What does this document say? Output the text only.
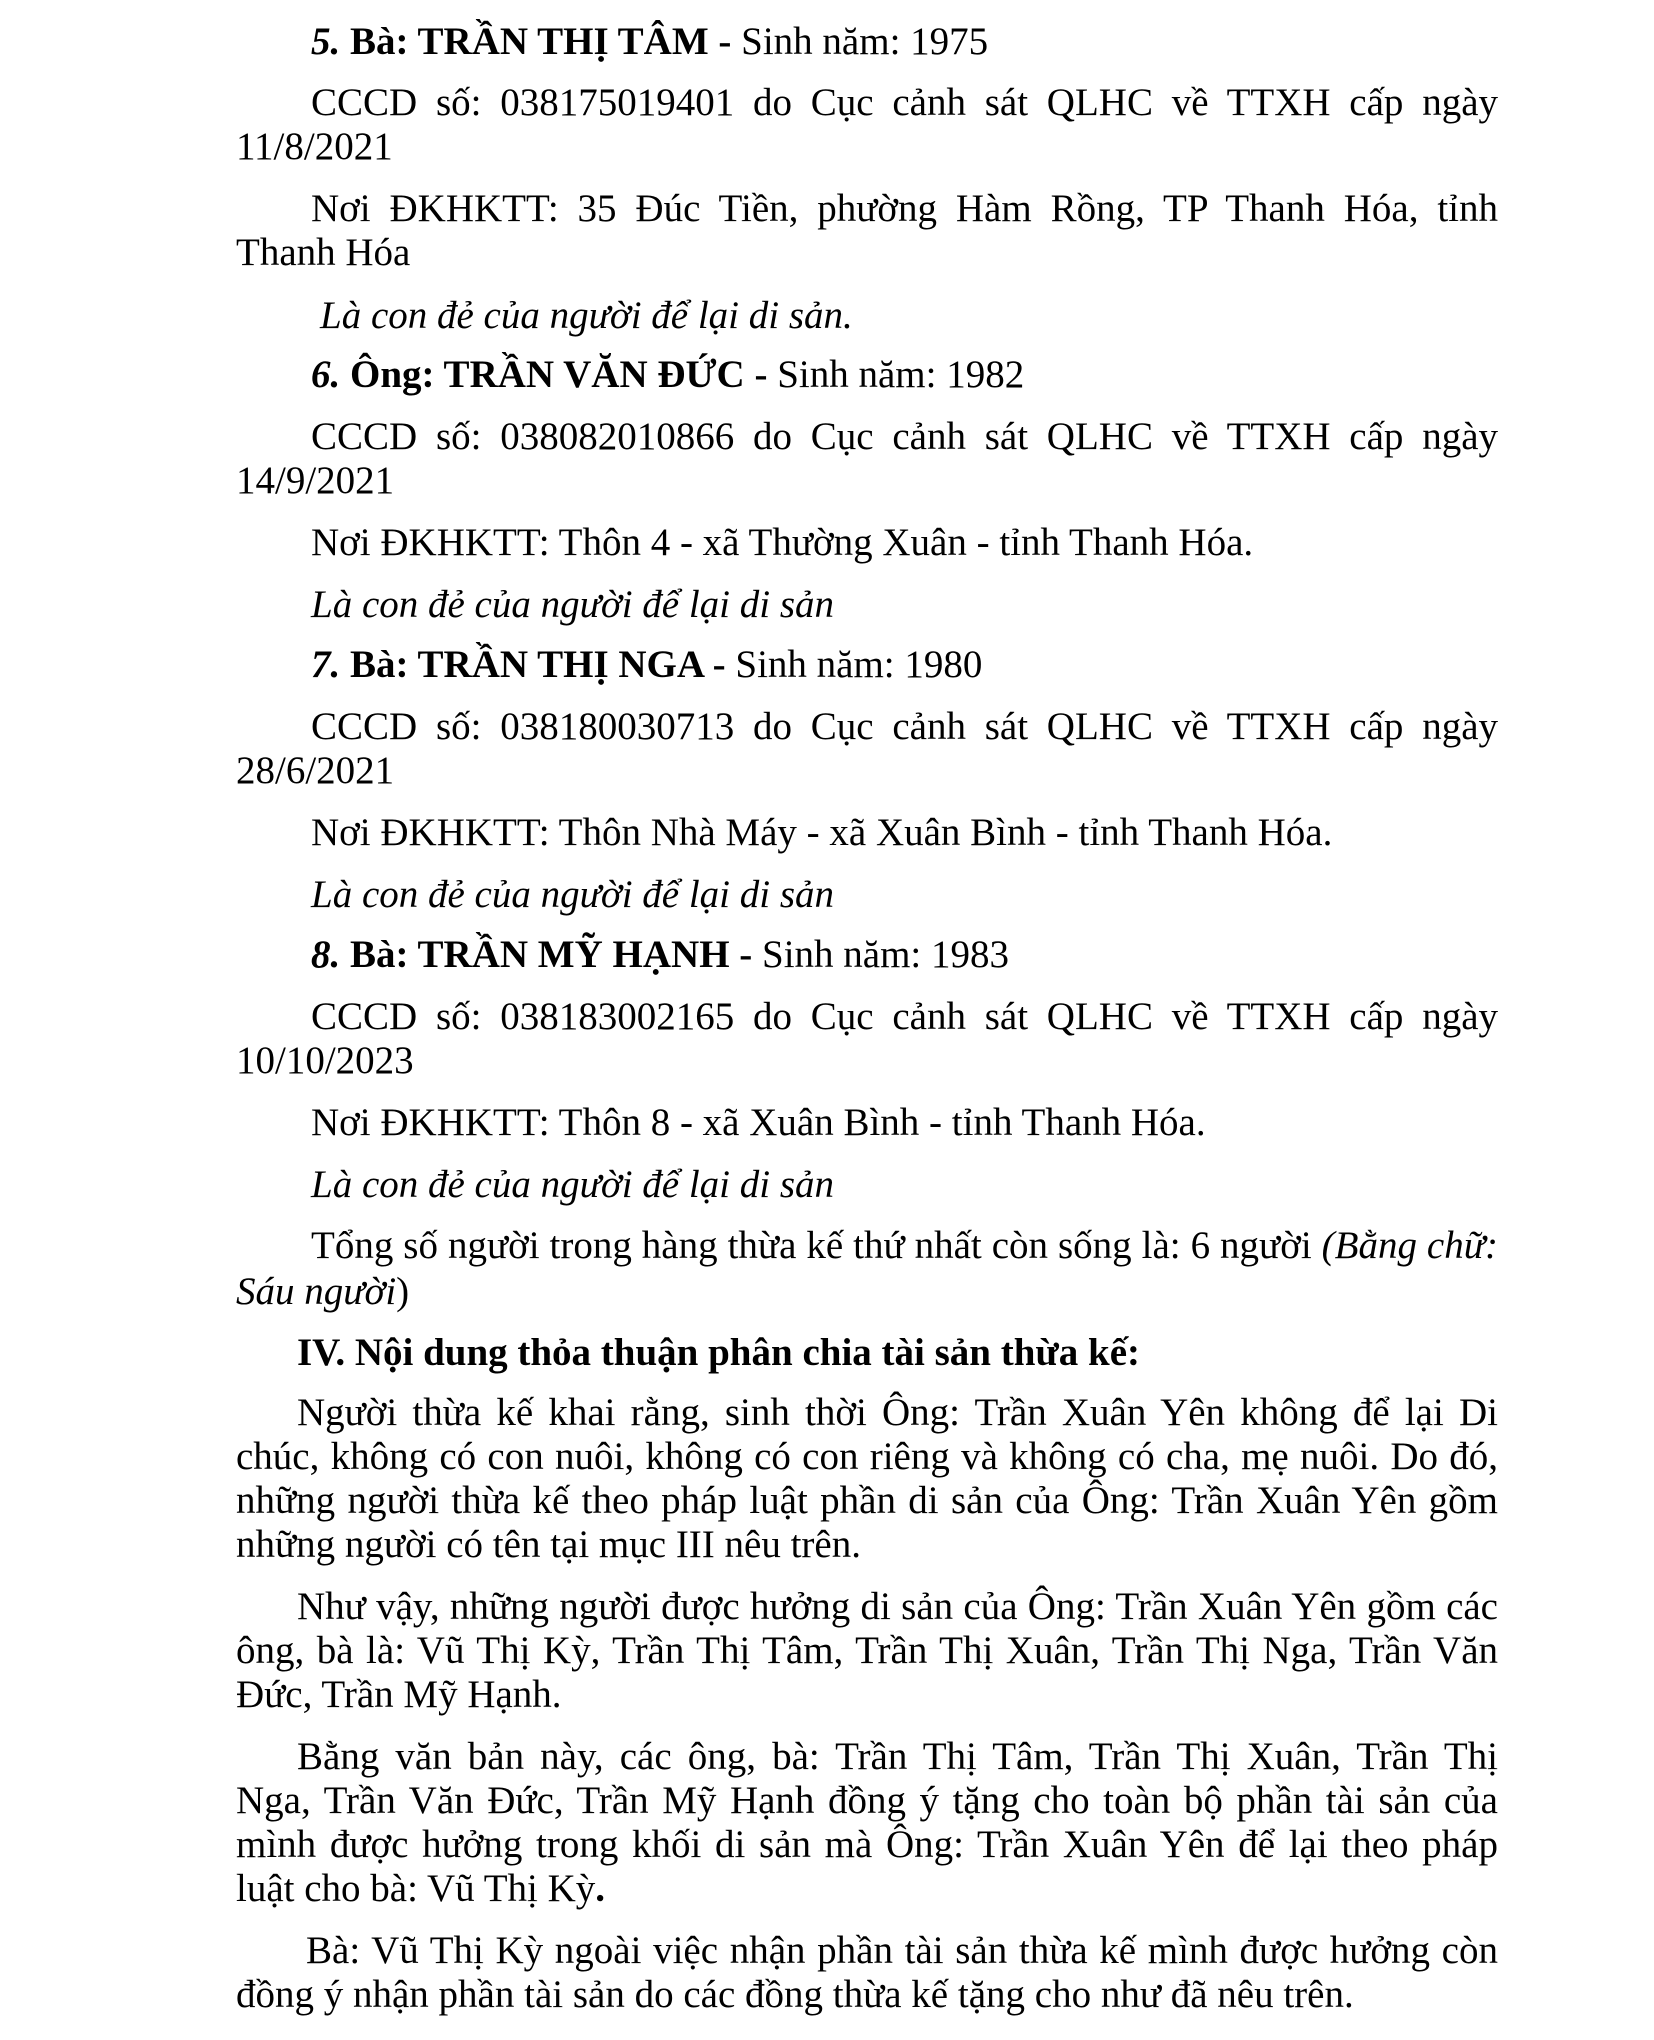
5. Bà: TRẦN THỊ TÂM - Sinh năm: 1975
CCCD số: 038175019401 do Cục cảnh sát QLHC về TTXH cấp ngày
11/8/2021
Nơi ĐKHKTT: 35 Đúc Tiền, phường Hàm Rồng, TP Thanh Hóa, tỉnh
Thanh Hóa
Là con đẻ của người để lại di sản.
6. Ông: TRẦN VĂN ĐỨC - Sinh năm: 1982
CCCD số: 038082010866 do Cục cảnh sát QLHC về TTXH cấp ngày
14/9/2021
Nơi ĐKHKTT: Thôn 4 - xã Thường Xuân - tỉnh Thanh Hóa.
Là con đẻ của người để lại di sản
7. Bà: TRẦN THỊ NGA - Sinh năm: 1980
CCCD số: 038180030713 do Cục cảnh sát QLHC về TTXH cấp ngày
28/6/2021
Nơi ĐKHKTT: Thôn Nhà Máy - xã Xuân Bình - tỉnh Thanh Hóa.
Là con đẻ của người để lại di sản
8. Bà: TRẦN MỸ HẠNH - Sinh năm: 1983
CCCD số: 038183002165 do Cục cảnh sát QLHC về TTXH cấp ngày
10/10/2023
Nơi ĐKHKTT: Thôn 8 - xã Xuân Bình - tỉnh Thanh Hóa.
Là con đẻ của người để lại di sản
Tổng số người trong hàng thừa kế thứ nhất còn sống là: 6 người (Bằng chữ:
Sáu người)
IV. Nội dung thỏa thuận phân chia tài sản thừa kế:
Người thừa kế khai rằng, sinh thời Ông: Trần Xuân Yên không để lại Di
chúc, không có con nuôi, không có con riêng và không có cha, mẹ nuôi. Do đó,
những người thừa kế theo pháp luật phần di sản của Ông: Trần Xuân Yên gồm
những người có tên tại mục III nêu trên.
Như vậy, những người được hưởng di sản của Ông: Trần Xuân Yên gồm các
ông, bà là: Vũ Thị Kỳ, Trần Thị Tâm, Trần Thị Xuân, Trần Thị Nga, Trần Văn
Đức, Trần Mỹ Hạnh.
Bằng văn bản này, các ông, bà: Trần Thị Tâm, Trần Thị Xuân, Trần Thị
Nga, Trần Văn Đức, Trần Mỹ Hạnh đồng ý tặng cho toàn bộ phần tài sản của
mình được hưởng trong khối di sản mà Ông: Trần Xuân Yên để lại theo pháp
luật cho bà: Vũ Thị Kỳ.
Bà: Vũ Thị Kỳ ngoài việc nhận phần tài sản thừa kế mình được hưởng còn
đồng ý nhận phần tài sản do các đồng thừa kế tặng cho như đã nêu trên.
